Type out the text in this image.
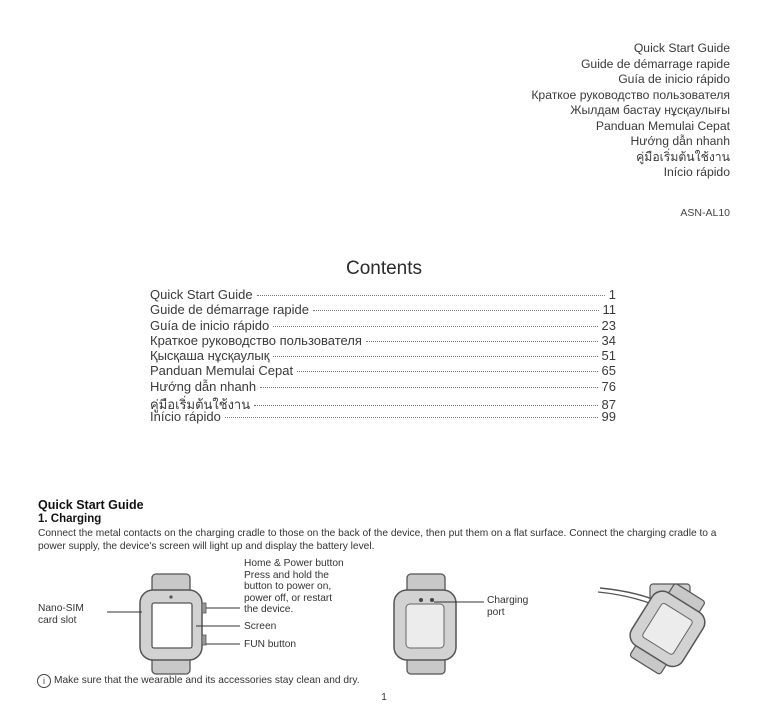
Quick Start Guide
Guide de démarrage rapide
Guía de inicio rápido
Краткое руководство пользователя
Жылдам бастау нұсқаулығы
Panduan Memulai Cepat
Hướng dẫn nhanh
คู่มือเริ่มต้นใช้งาน
Início rápido
ASN-AL10
Contents
Quick Start Guide	1
Guide de démarrage rapide	11
Guía de inicio rápido	23
Краткое руководство пользователя	34
Қысқаша нұсқаулық	51
Panduan Memulai Cepat	65
Hướng dẫn nhanh	76
คู่มือเริ่มต้นใช้งาน	87
Início rápido	99
Quick Start Guide
1. Charging
Connect the metal contacts on the charging cradle to those on the back of the device, then put them on a flat surface. Connect the charging cradle to a power supply, the device's screen will light up and display the battery level.
Home & Power button
Press and hold the
button to power on,
power off, or restart
the device.
Screen
FUN button
Nano-SIM
card slot
Charging
port
i Make sure that the wearable and its accessories stay clean and dry.
1
